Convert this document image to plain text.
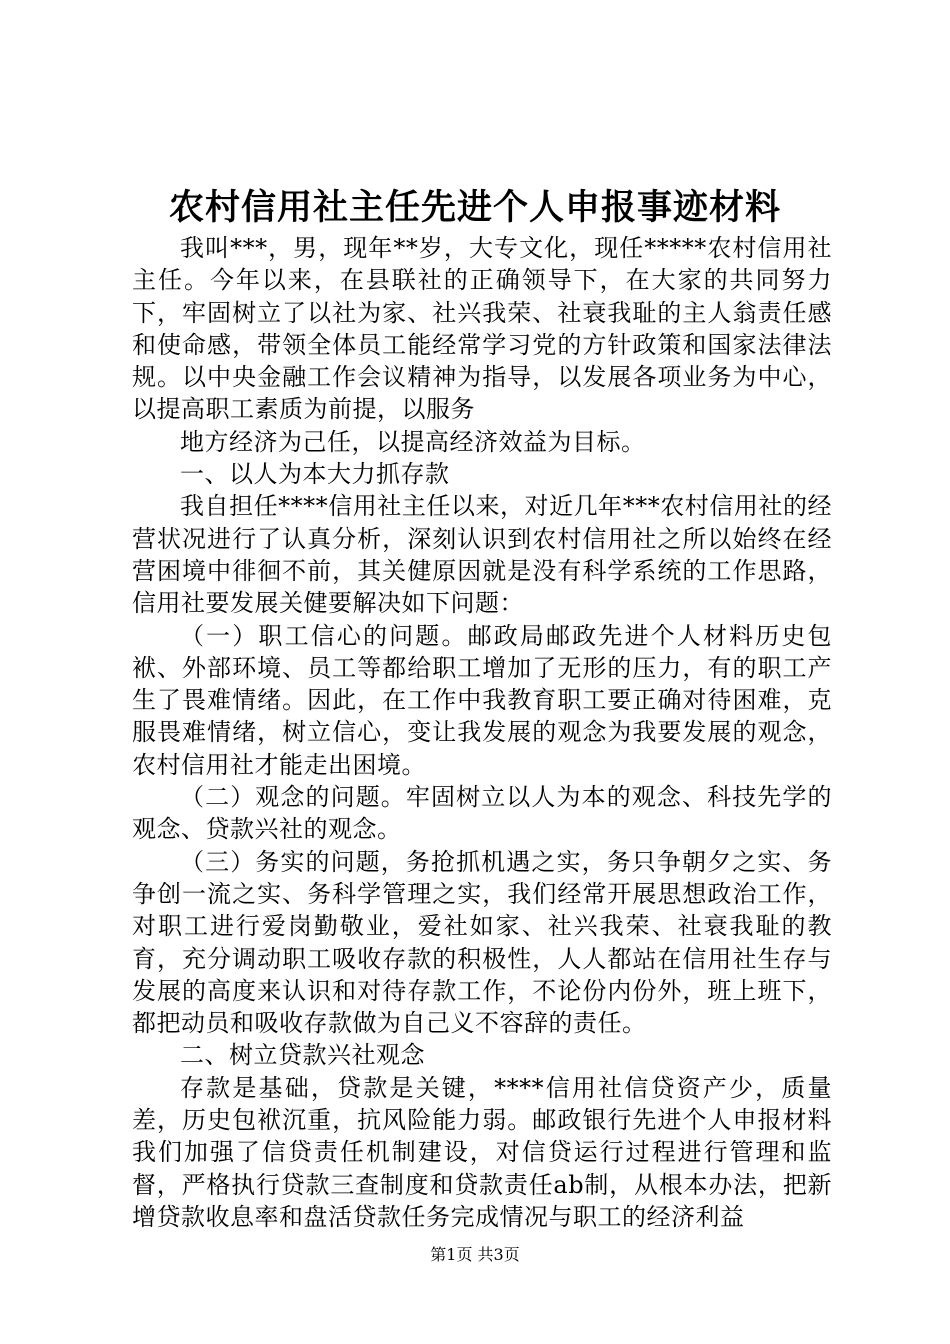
农村信用社主任先进个人申报事迹材料

我叫***，男，现年**岁，大专文化，现任*****农村信用社主任。今年以来，在县联社的正确领导下，在大家的共同努力下，牢固树立了以社为家、社兴我荣、社衰我耻的主人翁责任感和使命感，带领全体员工能经常学习党的方针政策和国家法律法规。以中央金融工作会议精神为指导，以发展各项业务为中心，以提高职工素质为前提，以服务

地方经济为己任，以提高经济效益为目标。

一、以人为本大力抓存款

我自担任****信用社主任以来，对近几年***农村信用社的经营状况进行了认真分析，深刻认识到农村信用社之所以始终在经营困境中徘徊不前，其关健原因就是没有科学系统的工作思路，信用社要发展关健要解决如下问题：

（一）职工信心的问题。邮政局邮政先进个人材料历史包袱、外部环境、员工等都给职工增加了无形的压力，有的职工产生了畏难情绪。因此，在工作中我教育职工要正确对待困难，克服畏难情绪，树立信心，变让我发展的观念为我要发展的观念，农村信用社才能走出困境。

（二）观念的问题。牢固树立以人为本的观念、科技先学的观念、贷款兴社的观念。

（三）务实的问题，务抢抓机遇之实，务只争朝夕之实、务争创一流之实、务科学管理之实，我们经常开展思想政治工作，对职工进行爱岗勤敬业，爱社如家、社兴我荣、社衰我耻的教育，充分调动职工吸收存款的积极性，人人都站在信用社生存与发展的高度来认识和对待存款工作，不论份内份外，班上班下，都把动员和吸收存款做为自己义不容辞的责任。

二、树立贷款兴社观念

存款是基础，贷款是关键，****信用社信贷资产少，质量差，历史包袱沉重，抗风险能力弱。邮政银行先进个人申报材料我们加强了信贷责任机制建设，对信贷运行过程进行管理和监督，严格执行贷款三查制度和贷款责任ab制，从根本办法，把新增贷款收息率和盘活贷款任务完成情况与职工的经济利益

第1页 共3页
